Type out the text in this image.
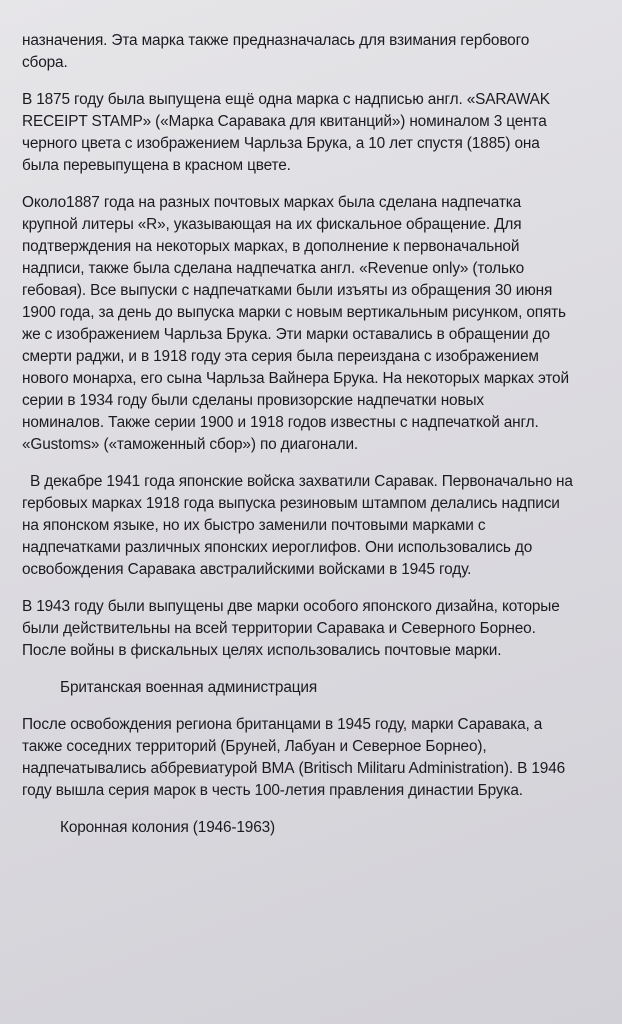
назначения. Эта марка также предназначалась для взимания гербового
сбора.
В 1875 году была выпущена ещё одна марка с надписью англ. «SARAWAK
RECEIPT STAMP» («Марка Саравака для квитанций») номиналом 3 цента
черного цвета с изображением Чарльза Брука, а 10 лет спустя (1885) она
была перевыпущена в красном цвете.
Около1887 года на разных почтовых марках была сделана надпечатка
крупной литеры «R», указывающая на их фискальное обращение. Для
подтверждения на некоторых марках, в дополнение к первоначальной
надписи, также была сделана надпечатка англ. «Revenue only» (только
гебовая). Все выпуски с надпечатками были изъяты из обращения 30 июня
1900 года, за день до выпуска марки с новым вертикальным рисунком, опять
же с изображением Чарльза Брука. Эти марки оставались в обращении до
смерти раджи, и в 1918 году эта серия была переиздана с изображением
нового монарха, его сына Чарльза Вайнера Брука. На некоторых марках этой
серии в 1934 году были сделаны провизорские надпечатки новых
номиналов. Также серии 1900 и 1918 годов известны с надпечаткой англ.
«Gustoms» («таможенный сбор») по диагонали.
В декабре 1941 года японские войска захватили Саравак. Первоначально на
гербовых марках 1918 года выпуска резиновым штампом делались надписи
на японском языке, но их быстро заменили почтовыми марками с
надпечатками различных японских иероглифов. Они использовались до
освобождения Саравака австралийскими войсками в 1945 году.
В 1943 году были выпущены две марки особого японского дизайна, которые
были действительны на всей территории Саравака и Северного Борнео.
После войны в фискальных целях использовались почтовые марки.
Британская военная администрация
После освобождения региона британцами в 1945 году, марки Саравака, а
также соседних территорий (Бруней, Лабуан и Северное Борнео),
надпечатывались аббревиатурой ВМА (Britisch Militaru Administration). В 1946
году вышла серия марок в честь 100-летия правления династии Брука.
Коронная колония (1946-1963)
